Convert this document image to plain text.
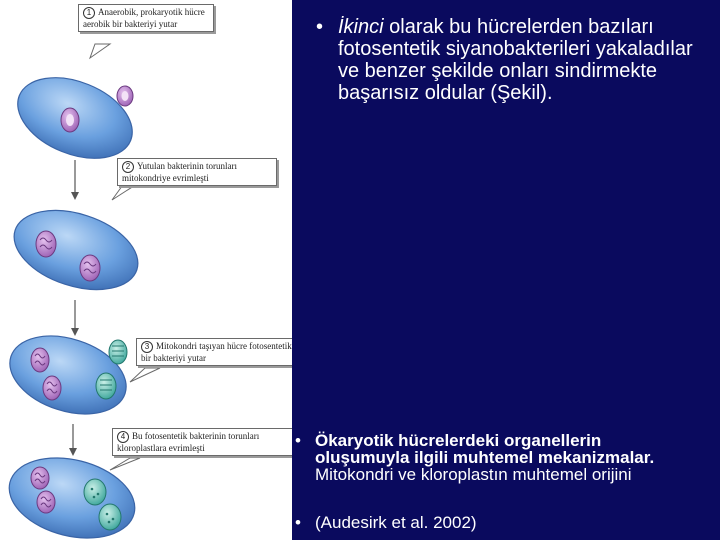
1 Anaerobik, prokaryotik hücre aerobik bir bakteriyi yutar
2 Yutulan bakterinin torunları mitokondriye evrimleşti
3 Mitokondri taşıyan hücre fotosentetik bir bakteriyi yutar
4 Bu fotosentetik bakterinin torunları kloroplastlara evrimleşti
• İkinci olarak bu hücrelerden bazıları fotosentetik siyanobakterileri yakaladılar ve benzer şekilde onları sindirmekte başarısız oldular (Şekil).
• Ökaryotik hücrelerdeki organellerin oluşumuyla ilgili muhtemel mekanizmalar. Mitokondri ve kloroplastın muhtemel orijini
• (Audesirk et al. 2002)
